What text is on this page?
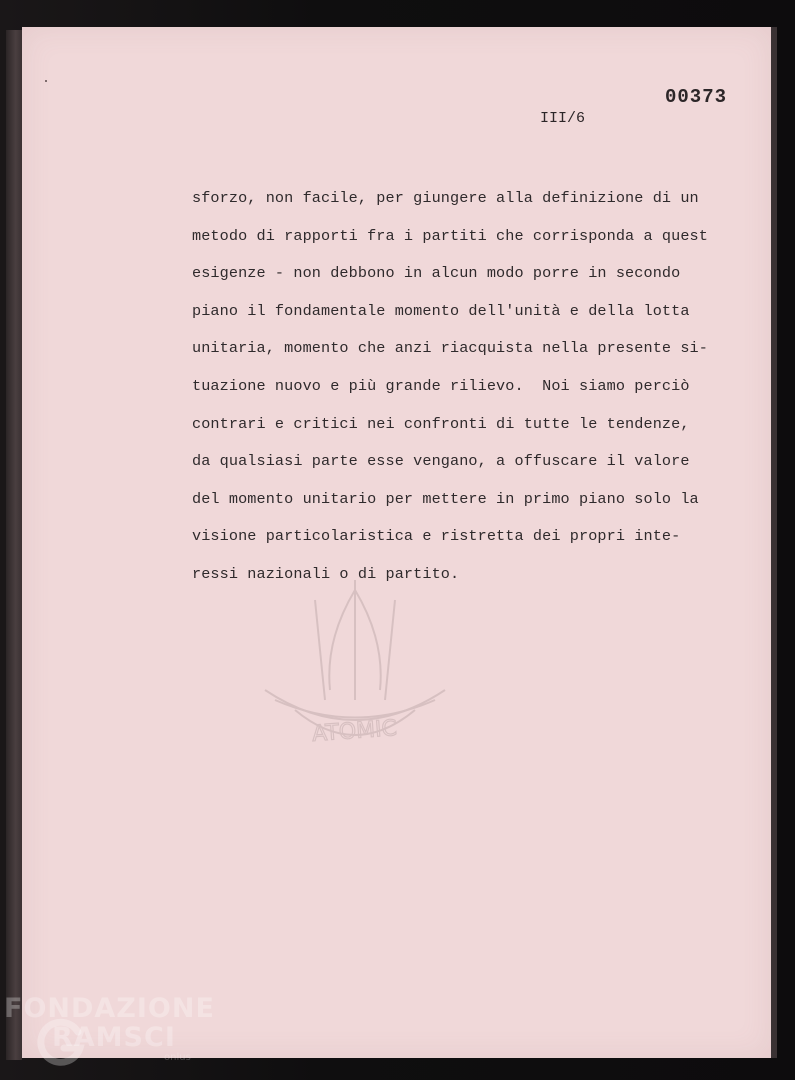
ATOMIC
00373
III/6
sforzo, non facile, per giungere alla definizione di un
metodo di rapporti fra i partiti che corrisponda a quest
esigenze - non debbono in alcun modo porre in secondo
piano il fondamentale momento dell'unità e della lotta
unitaria, momento che anzi riacquista nella presente si-
tuazione nuovo e più grande rilievo.  Noi siamo perciò
contrari e critici nei confronti di tutte le tendenze,
da qualsiasi parte esse vengano, a offuscare il valore
del momento unitario per mettere in primo piano solo la
visione particolaristica e ristretta dei propri inte-
ressi nazionali o di partito.
FONDAZIONE
RAMSCI
onlus
